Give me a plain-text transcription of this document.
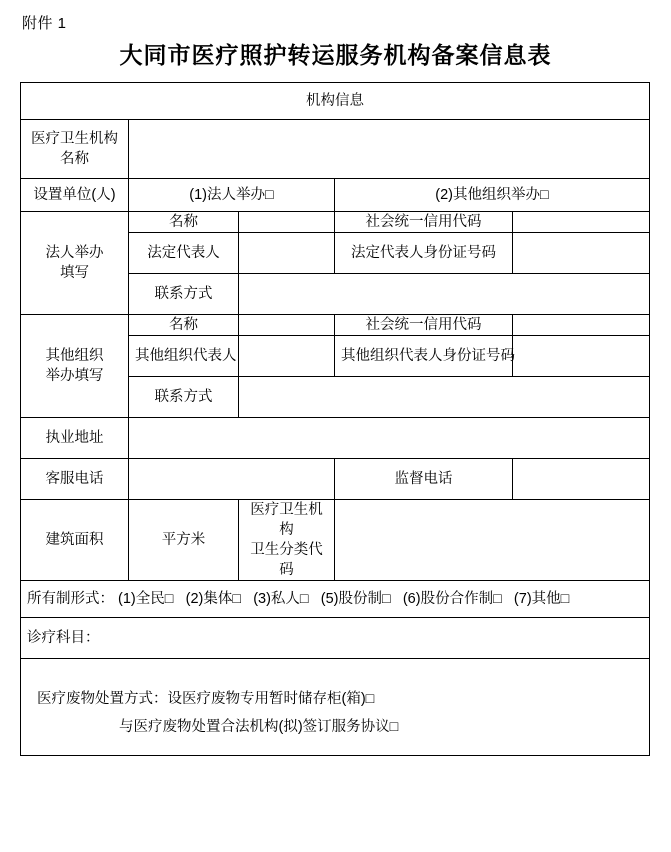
附件 1
大同市医疗照护转运服务机构备案信息表
机构信息				

医疗卫生机构
名称				

设置单位(人)	(1)法人举办□		(2)其他组织举办□	

法人举办
填写	名称		社会统一信用代码	
	法定代表人		法定代表人身份证号码	
	联系方式			

其他组织
举办填写	名称		社会统一信用代码	
	其他组织代表人		其他组织代表人身份证号码	
	联系方式			
执业地址				
客服电话			监督电话	
建筑面积	平方米	医疗卫生机构
卫生分类代码		

所有制形式： (1)全民□ (2)集体□ (3)私人□ (5)股份制□ (6)股份合作制□ (7)其他□				
诊疗科目：				

医疗废物处置方式：设医疗废物专用暂时储存柜(箱)□
与医疗废物处置合法机构(拟)签订服务协议□				
